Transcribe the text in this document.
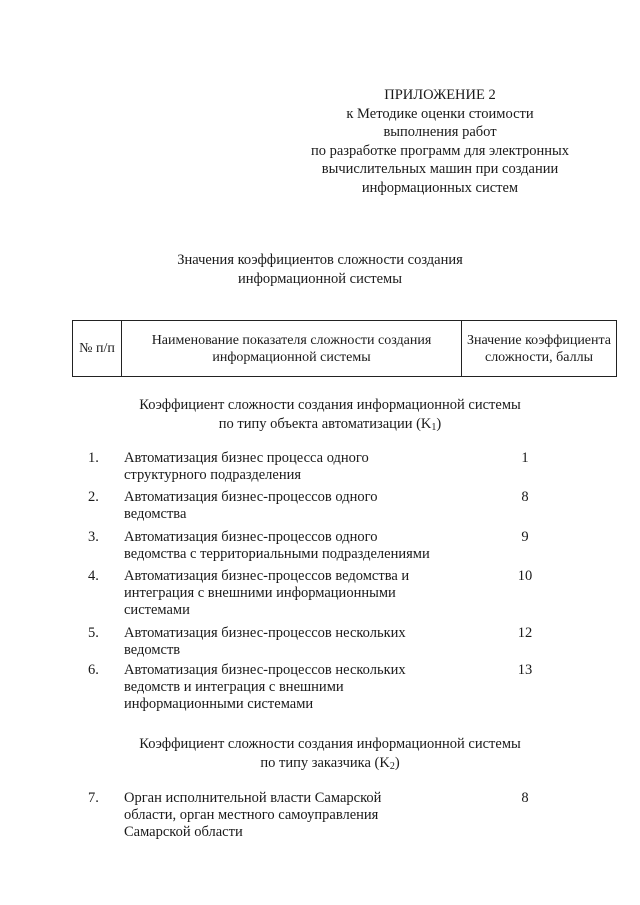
ПРИЛОЖЕНИЕ 2
к Методике оценки стоимости
выполнения работ
по разработке программ для электронных
вычислительных машин при создании
информационных систем
Значения коэффициентов сложности создания
информационной системы
№ п/п	Наименование показателя сложности создания информационной системы	Значение коэффициента сложности, баллы
Коэффициент сложности создания информационной системы
по типу объекта автоматизации $(K_1)$
1. Автоматизация бизнес процесса одного
структурного подразделения
1
2. Автоматизация бизнес-процессов одного
ведомства
8
3. Автоматизация бизнес-процессов одного
ведомства с территориальными подразделениями
9
4. Автоматизация бизнес-процессов ведомства и
интеграция с внешними информационными
системами
10
5. Автоматизация бизнес-процессов нескольких
ведомств
12
6. Автоматизация бизнес-процессов нескольких
ведомств и интеграция с внешними
информационными системами
13
Коэффициент сложности создания информационной системы
по типу заказчика $(K_2)$
7. Орган исполнительной власти Самарской
области, орган местного самоуправления
Самарской области
8
